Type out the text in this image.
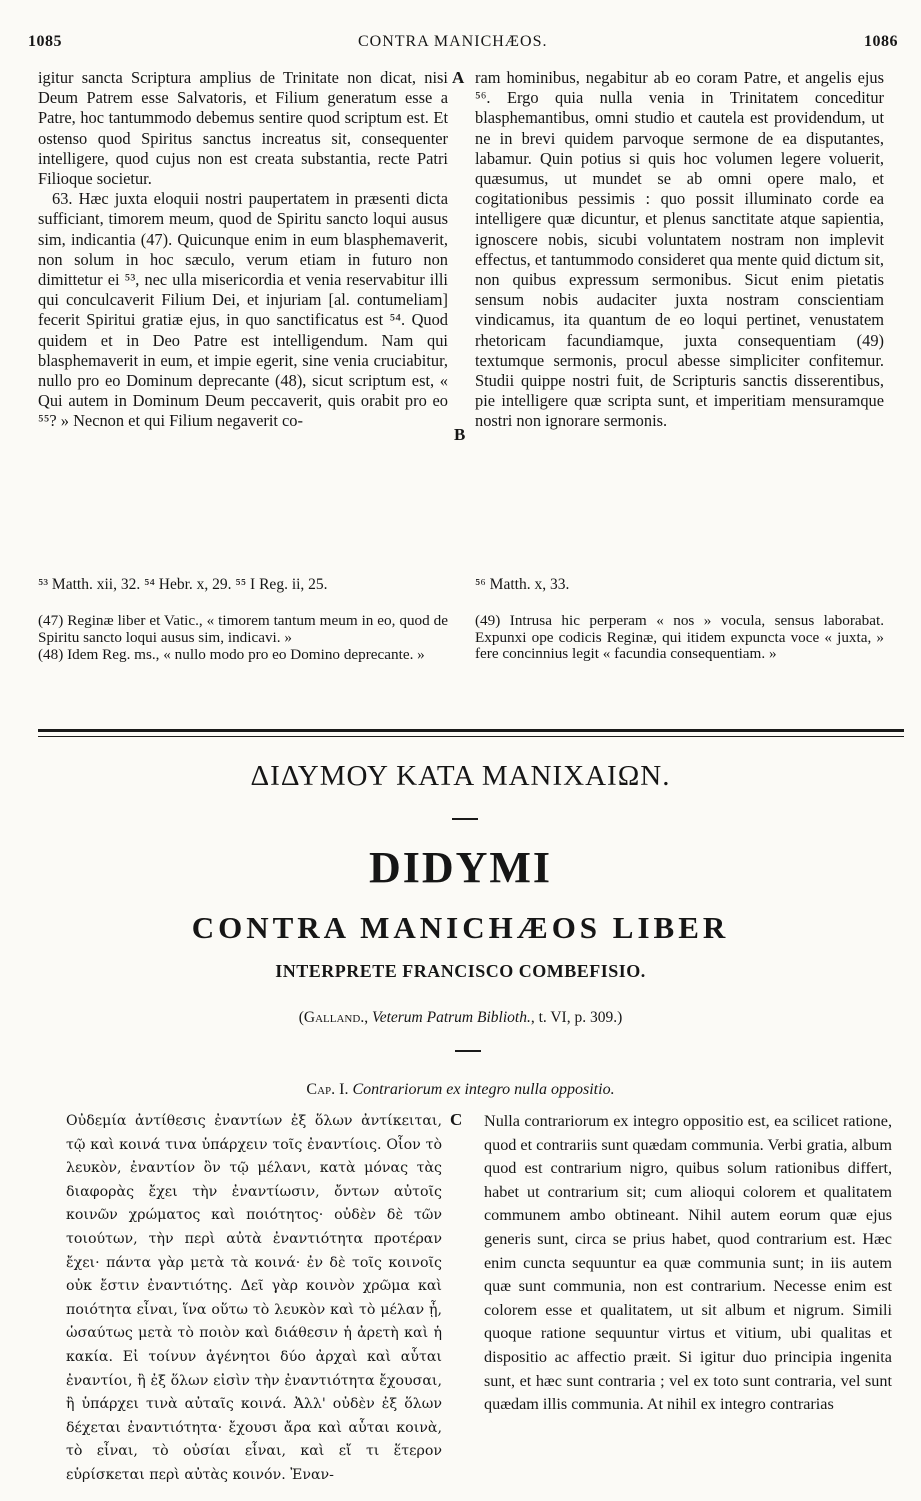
1085	CONTRA MANICHÆOS.	1086

igitur sancta Scriptura amplius de Trinitate non dicat, nisi Deum Patrem esse Salvatoris, et Filium generatum esse a Patre, hoc tantummodo debemus sentire quod scriptum est. Et ostenso quod Spiritus sanctus increatus sit, consequenter intelligere, quod cujus non est creata substantia, recte Patri Filioque societur.

63. Hæc juxta eloquii nostri paupertatem in præsenti dicta sufficiant, timorem meum, quod de Spiritu sancto loqui ausus sim, indicantia (47). Quicunque enim in eum blasphemaverit, non solum in hoc sæculo, verum etiam in futuro non dimittetur ei ⁵³, nec ulla misericordia et venia reservabitur illi qui conculcaverit Filium Dei, et injuriam [al. contumeliam] fecerit Spiritui gratiæ ejus, in quo sanctificatus est ⁵⁴. Quod quidem et in Deo Patre est intelligendum. Nam qui blasphemaverit in eum, et impie egerit, sine venia cruciabitur, nullo pro eo Dominum deprecante (48), sicut scriptum est, « Qui autem in Dominum Deum peccaverit, quis orabit pro eo ⁵⁵? » Necnon et qui Filium negaverit co-

A
B

ram hominibus, negabitur ab eo coram Patre, et angelis ejus ⁵⁶. Ergo quia nulla venia in Trinitatem conceditur blasphemantibus, omni studio et cautela est providendum, ut ne in brevi quidem parvoque sermone de ea disputantes, labamur. Quin potius si quis hoc volumen legere voluerit, quæsumus, ut mundet se ab omni opere malo, et cogitationibus pessimis : quo possit illuminato corde ea intelligere quæ dicuntur, et plenus sanctitate atque sapientia, ignoscere nobis, sicubi voluntatem nostram non implevit effectus, et tantummodo consideret qua mente quid dictum sit, non quibus expressum sermonibus. Sicut enim pietatis sensum nobis audaciter juxta nostram conscientiam vindicamus, ita quantum de eo loqui pertinet, venustatem rhetoricam facundiamque, juxta consequentiam (49) textumque sermonis, procul abesse simpliciter confitemur. Studii quippe nostri fuit, de Scripturis sanctis disserentibus, pie intelligere quæ scripta sunt, et imperitiam mensuramque nostri non ignorare sermonis.

⁵³ Matth. xii, 32. ⁵⁴ Hebr. x, 29. ⁵⁵ I Reg. ii, 25.	⁵⁶ Matth. x, 33.

(47) Reginæ liber et Vatic., « timorem tantum meum in eo, quod de Spiritu sancto loqui ausus sim, indicavi. »

(48) Idem Reg. ms., « nullo modo pro eo Domino deprecante. »

(49) Intrusa hic perperam « nos » vocula, sensus laborabat. Expunxi ope codicis Reginæ, qui itidem expuncta voce « juxta, » fere concinnius legit « facundia consequentiam. »

ΔΙΔΥΜΟΥ ΚΑΤΑ ΜΑΝΙΧΑΙΩΝ.
DIDYMI
CONTRA MANICHÆOS LIBER
INTERPRETE FRANCISCO COMBEFISIO.
(Galland., Veterum Patrum Biblioth., t. VI, p. 309.)
Cap. I. Contrariorum ex integro nulla oppositio.

Οὐδεμία ἀντίθεσις ἐναντίων ἐξ ὅλων ἀντίκειται, τῷ καὶ κοινά τινα ὑπάρχειν τοῖς ἐναντίοις. Οἷον τὸ λευκὸν, ἐναντίον ὂν τῷ μέλανι, κατὰ μόνας τὰς διαφορὰς ἔχει τὴν ἐναντίωσιν, ὄντων αὐτοῖς κοινῶν χρώματος καὶ ποιότητος· οὐδὲν δὲ τῶν τοιούτων, τὴν περὶ αὐτὰ ἐναντιότητα προτέραν ἔχει· πάντα γὰρ μετὰ τὰ κοινά· ἐν δὲ τοῖς κοινοῖς οὐκ ἔστιν ἐναντιότης. Δεῖ γὰρ κοινὸν χρῶμα καὶ ποιότητα εἶναι, ἵνα οὕτω τὸ λευκὸν καὶ τὸ μέλαν ᾖ, ὡσαύτως μετὰ τὸ ποιὸν καὶ διάθεσιν ἡ ἀρετὴ καὶ ἡ κακία. Εἰ τοίνυν ἀγένητοι δύο ἀρχαὶ καὶ αὗται ἐναντίοι, ἢ ἐξ ὅλων εἰσὶν τὴν ἐναντιότητα ἔχουσαι, ἢ ὑπάρχει τινὰ αὐταῖς κοινά. Ἀλλ' οὐδὲν ἐξ ὅλων δέχεται ἐναντιότητα· ἔχουσι ἄρα καὶ αὗται κοινὰ, τὸ εἶναι, τὸ οὐσίαι εἶναι, καὶ εἴ τι ἕτερον εὑρίσκεται περὶ αὐτὰς κοινόν. Ἐναν-

C Nulla contrariorum ex integro oppositio est, ea scilicet ratione, quod et contrariis sunt quædam communia. Verbi gratia, album quod est contrarium nigro, quibus solum rationibus differt, habet ut contrarium sit; cum alioqui colorem et qualitatem communem ambo obtineant. Nihil autem eorum quæ ejus generis sunt, circa se prius habet, quod contrarium est. Hæc enim cuncta sequuntur ea quæ communia sunt; in iis autem quæ sunt communia, non est contrarium. Necesse enim est colorem esse et qualitatem, ut sit album et nigrum. Simili quoque ratione sequuntur virtus et vitium, ubi qualitas et dispositio ac affectio præit. Si igitur duo principia ingenita sunt, et hæc sunt contraria ; vel ex toto sunt contraria, vel sunt quædam illis communia. At nihil ex integro contrarias
